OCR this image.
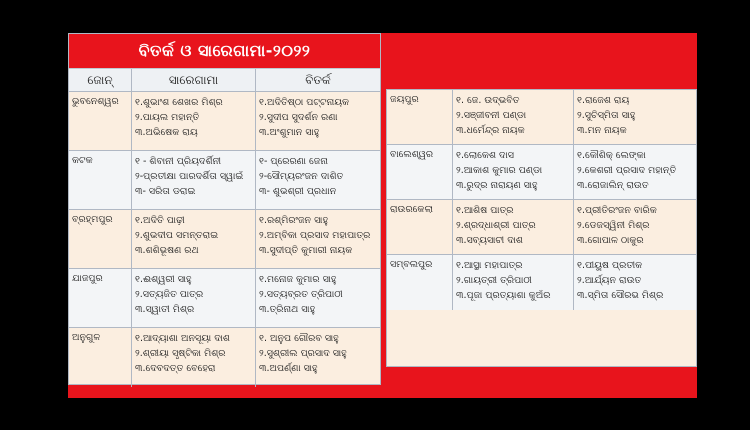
ବିତର୍କ ଓ ସାରେଗାମା-୨୦୨୨
ଜୋନ୍	ସାରେଗାମା	ବିତର୍କ
ଭୁବନେଶ୍ୱର	୧.ଶୁଭାଂଶ ଶେଖର ମିଶ୍ର
୨.ପାୟଲ ମହାନ୍ତି
୩.ଅଭିଷେକ ରାୟ
୧.ଅଦିତିଷ୍ଠା ପଟ୍ଟନାୟକ
୨.ସୁଦୀପ ସୁଦର୍ଶନ ରଣା
୩.ଅଂଶୁମାନ ସାହୁ
କଟକ	୧ - ଶିବାନୀ ପ୍ରିୟଦର୍ଶିନୀ
୨-ପ୍ରତୀକ୍ଷା ପାରଦର୍ଶିତା ସ୍ୱାଇଁ
୩- ସରିତା ଡରାଇ
୧- ପ୍ରେରଣା ଜେନା
୨-ସୌମ୍ୟରଂଜନ ଦାଶିତ
୩- ଶୁଭଶ୍ରୀ ପ୍ରଧାନ
ବ୍ରହ୍ମପୁର	୧.ଅଦିତି ପାଢ଼ୀ
୨.ଶୁଭଦୀପ ସମନ୍ତରାଇ
୩.ଶଶିଭୂଷଣ ରଥ
୧.ରଶ୍ମିରଂଜନ ସାହୁ
୨.ଅମ୍ବିକା ପ୍ରସାଦ ମହାପାତ୍ର
୩.ସୁଦୀପ୍ତି କୁମାରୀ ନାୟକ
ଯାଜପୁର	୧.ଈଶ୍ୱରୀ ସାହୁ
୨.ସତ୍ୟଜିତ ପାତ୍ର
୩.ସ୍ୱାତୀ ମିଶ୍ର
୧.ମନୋଜ କୁମାର ସାହୁ
୨.ସତ୍ୟବ୍ରତ ତ୍ରିପାଠୀ
୩.ତ୍ରିନାଥ ସାହୁ
ଅନୁଗୁଳ	୧.ଆଦ୍ୟାଶା ଅନସୂୟା ଦାଶ
୨.ଶ୍ରୀୟା ସୃଷ୍ଟିକା ମିଶ୍ର
୩.ଦେବଦତ୍ତ ବେହେରା
୧. ଅନୁପ ଗୌରବ ସାହୁ
୨.ସୁଶ୍ରୀଲ ପ୍ରସାଦ ସାହୁ
୩.ଅପର୍ଣ୍ଣା ସାହୁ
ଜୟପୁର	୧. ଜେ. ଉଦ୍ଭବିତ
୨.ସଞ୍ଜୀବନୀ ପଣ୍ଡା
୩.ଧର୍ମେନ୍ଦ୍ର ନାୟକ
୧.ରାଜେଶ ରାୟ
୨.ସୁଚିସ୍ମିତା ସାହୁ
୩.ମନ ନାୟକ
ବାଲେଶ୍ୱର	୧.ଲୋକେଶ ଦାସ
୨.ଆକାଶ କୁମାର ପଣ୍ଡା
୩.ରୁଦ୍ର ନାରାୟଣ ସାହୁ
୧.କୌଶିକ୍ ଲେଙ୍କା
୨.କେଶରୀ ପ୍ରସାଦ ମହାନ୍ତି
୩.ରୋଜାଲିନ୍ ରାଉତ
ରାଉରକେଲା	୧.ଆଶିଷ ପାତ୍ର
୨.ଶ୍ରଦ୍ଧାଶ୍ରୀ ପାତ୍ର
୩.ସବ୍ୟସାଚୀ ଦାଶ
୧.ପ୍ରୀତିରଂଜନ ବାରିକ
୨.ଡେଜସ୍ୱିନୀ ମିଶ୍ର
୩.ଗୋପାଳ ଠାକୁର
ସମ୍ବଲପୁର	୧.ଆସ୍ଥା ମହାପାତ୍ର
୨.ଗାୟତ୍ରୀ ତ୍ରିପାଠୀ
୩.ପୂଜା ପ୍ରତ୍ୟାଶା କୁଅଁର
୧.ପୀୟୁଷ ପ୍ରତୀକ
୨.ଆର୍ଯ୍ୟନ ରାଉତ
୩.ସ୍ମିତା ସୌରଭ ମିଶ୍ର
